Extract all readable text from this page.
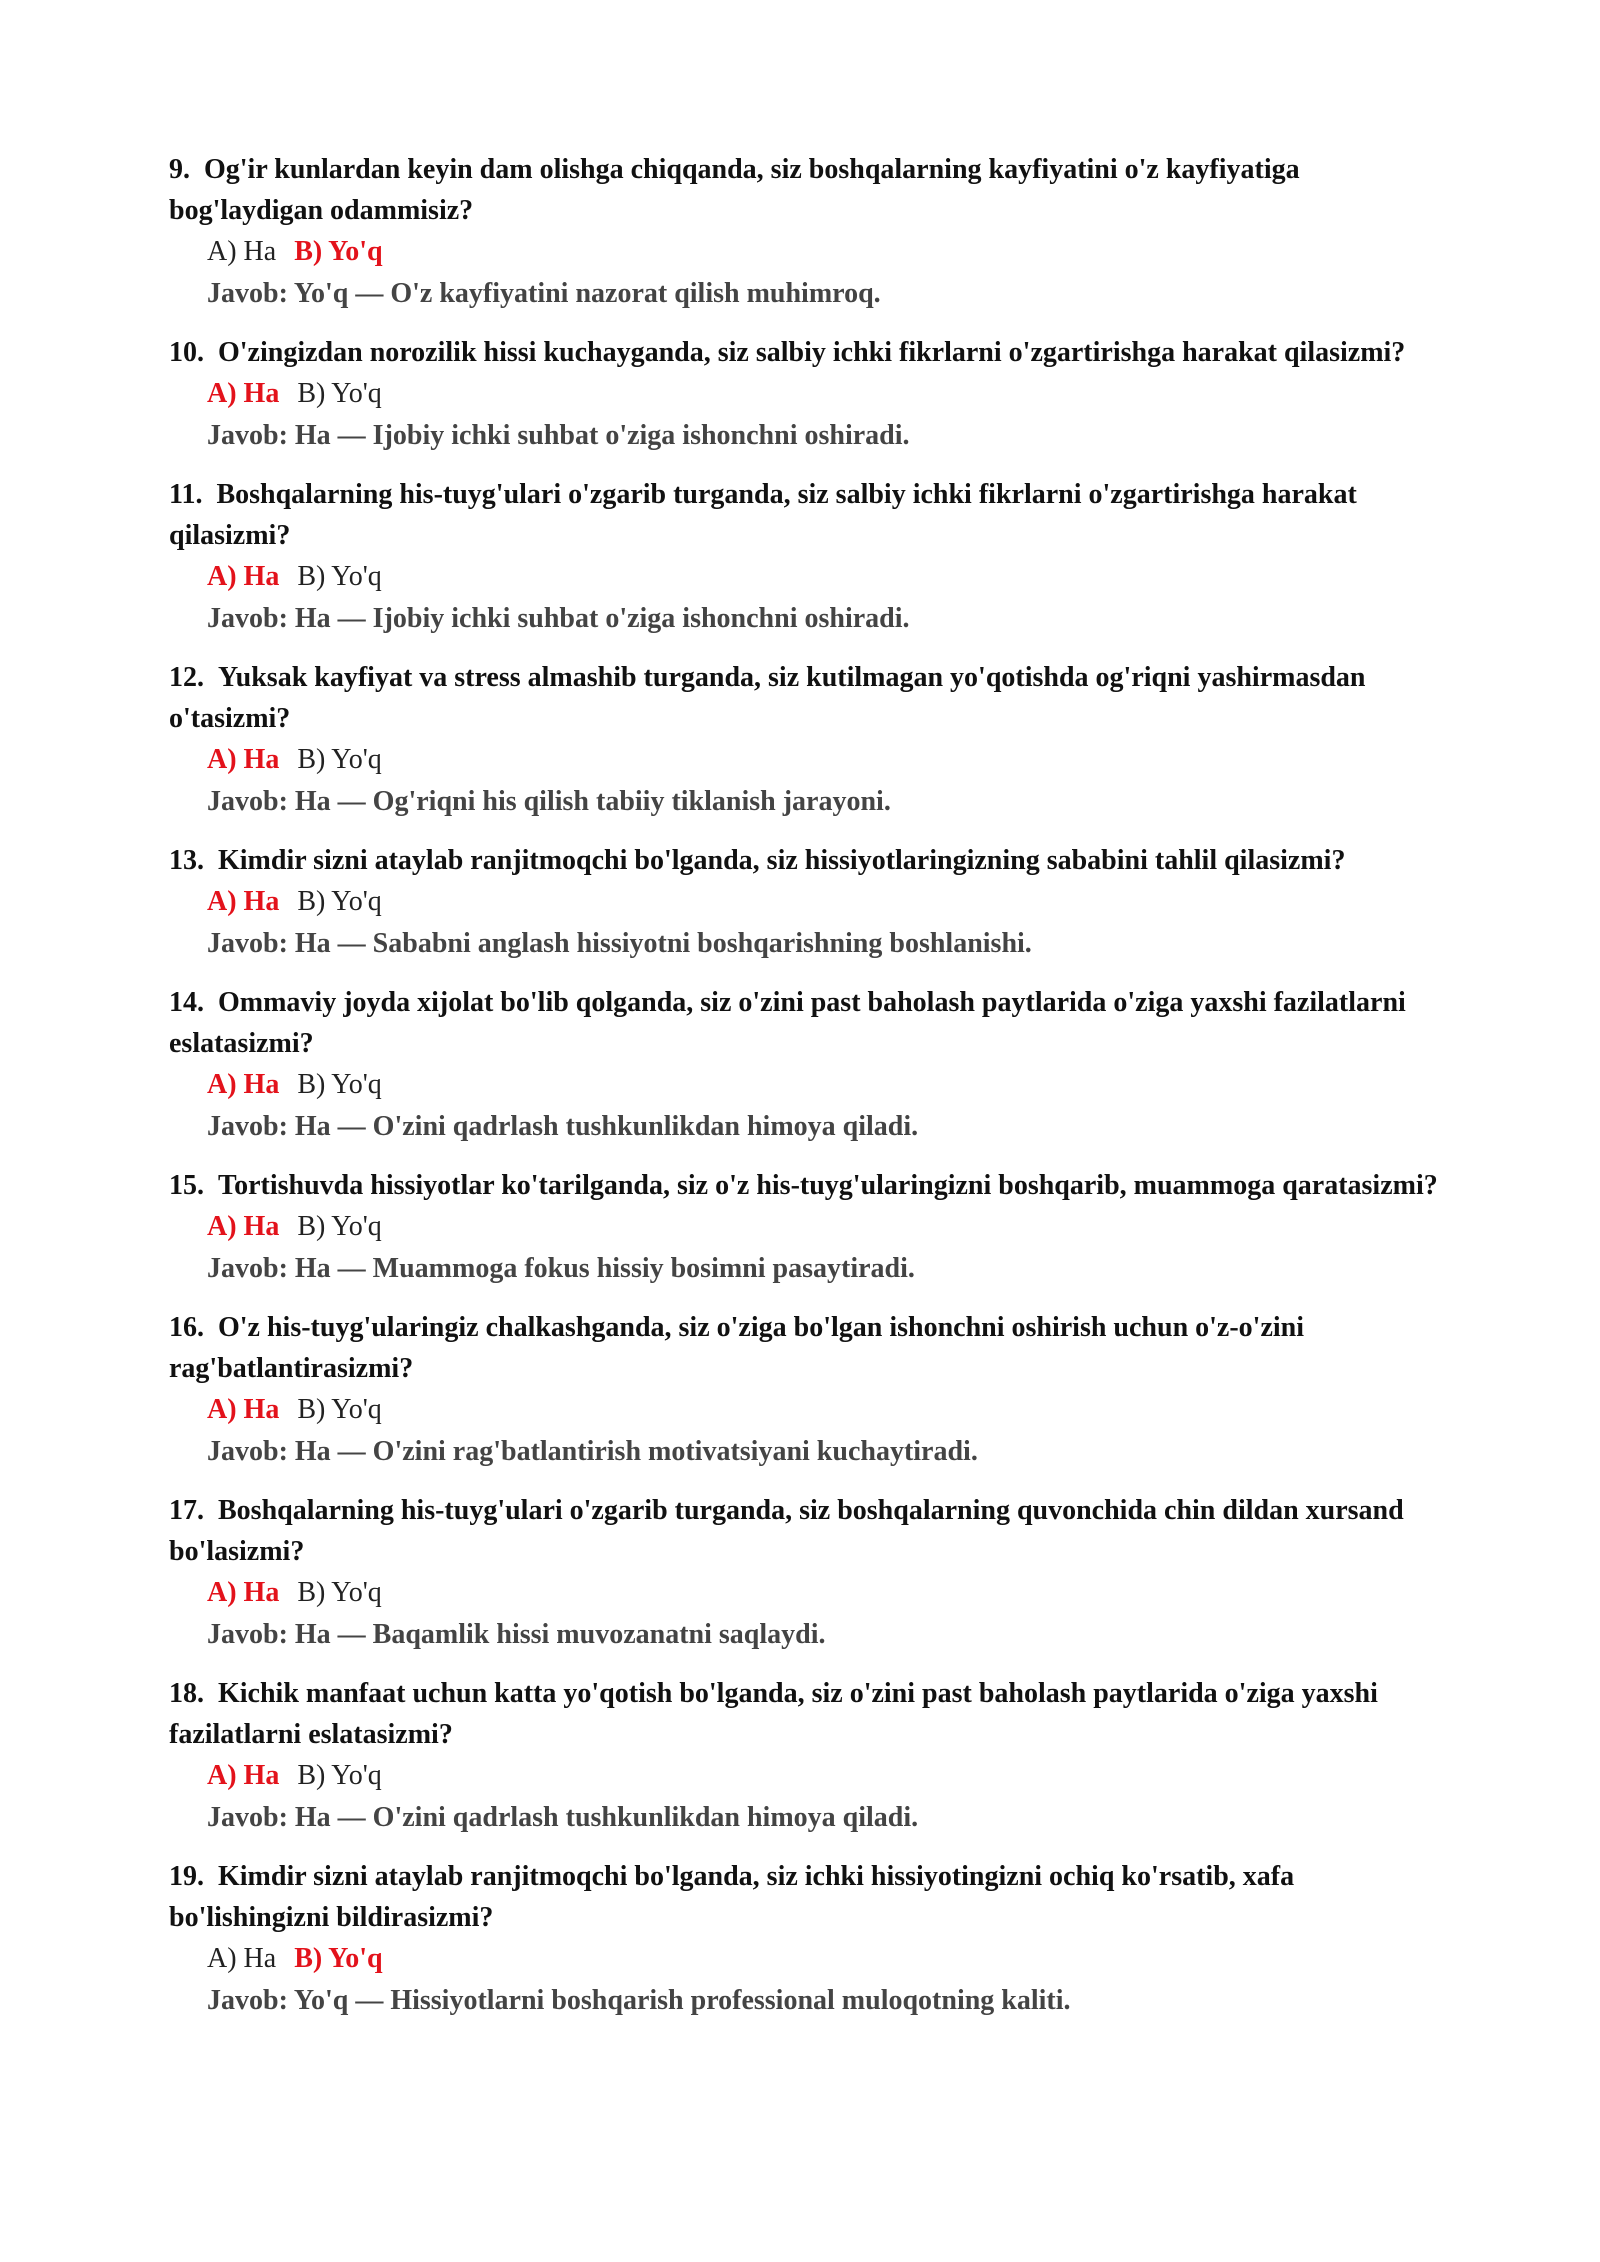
9. Og'ir kunlardan keyin dam olishga chiqqanda, siz boshqalarning kayfiyatini o'z kayfiyatiga bog'laydigan odammisiz?

A) Ha B) Yo'q
Javob: Yo'q — O'z kayfiyatini nazorat qilish muhimroq.

10. O'zingizdan norozilik hissi kuchayganda, siz salbiy ichki fikrlarni o'zgartirishga harakat qilasizmi?

A) Ha B) Yo'q
Javob: Ha — Ijobiy ichki suhbat o'ziga ishonchni oshiradi.

11. Boshqalarning his-tuyg'ulari o'zgarib turganda, siz salbiy ichki fikrlarni o'zgartirishga harakat qilasizmi?

A) Ha B) Yo'q
Javob: Ha — Ijobiy ichki suhbat o'ziga ishonchni oshiradi.

12. Yuksak kayfiyat va stress almashib turganda, siz kutilmagan yo'qotishda og'riqni yashirmasdan o'tasizmi?

A) Ha B) Yo'q
Javob: Ha — Og'riqni his qilish tabiiy tiklanish jarayoni.

13. Kimdir sizni ataylab ranjitmoqchi bo'lganda, siz hissiyotlaringizning sababini tahlil qilasizmi?

A) Ha B) Yo'q
Javob: Ha — Sababni anglash hissiyotni boshqarishning boshlanishi.

14. Ommaviy joyda xijolat bo'lib qolganda, siz o'zini past baholash paytlarida o'ziga yaxshi fazilatlarni eslatasizmi?

A) Ha B) Yo'q
Javob: Ha — O'zini qadrlash tushkunlikdan himoya qiladi.

15. Tortishuvda hissiyotlar ko'tarilganda, siz o'z his-tuyg'ularingizni boshqarib, muammoga qaratasizmi?

A) Ha B) Yo'q
Javob: Ha — Muammoga fokus hissiy bosimni pasaytiradi.

16. O'z his-tuyg'ularingiz chalkashganda, siz o'ziga bo'lgan ishonchni oshirish uchun o'z-o'zini rag'batlantirasizmi?

A) Ha B) Yo'q
Javob: Ha — O'zini rag'batlantirish motivatsiyani kuchaytiradi.

17. Boshqalarning his-tuyg'ulari o'zgarib turganda, siz boshqalarning quvonchida chin dildan xursand bo'lasizmi?

A) Ha B) Yo'q
Javob: Ha — Baqamlik hissi muvozanatni saqlaydi.

18. Kichik manfaat uchun katta yo'qotish bo'lganda, siz o'zini past baholash paytlarida o'ziga yaxshi fazilatlarni eslatasizmi?

A) Ha B) Yo'q
Javob: Ha — O'zini qadrlash tushkunlikdan himoya qiladi.

19. Kimdir sizni ataylab ranjitmoqchi bo'lganda, siz ichki hissiyotingizni ochiq ko'rsatib, xafa bo'lishingizni bildirasizmi?

A) Ha B) Yo'q
Javob: Yo'q — Hissiyotlarni boshqarish professional muloqotning kaliti.
